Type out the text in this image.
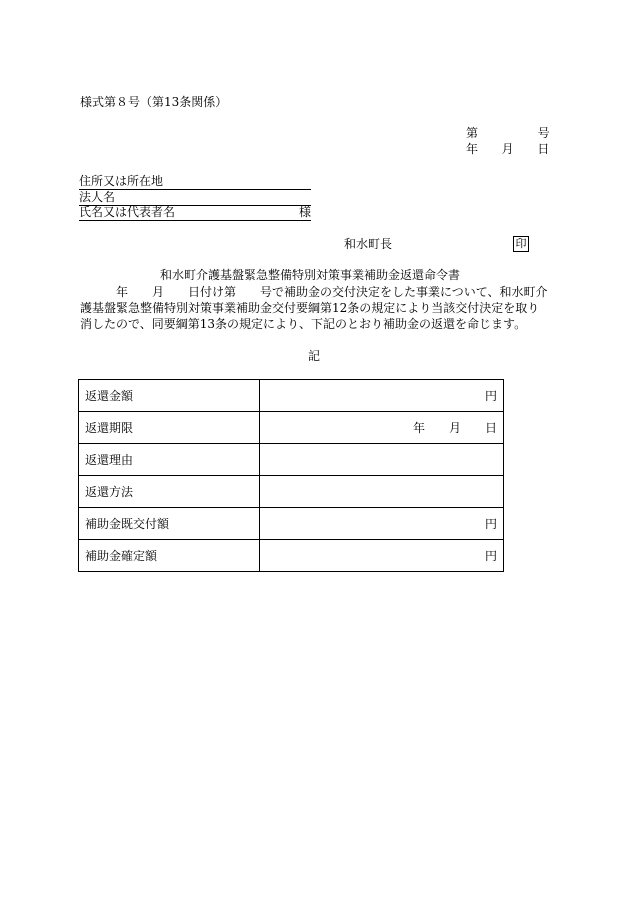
様式第８号（第13条関係）
第	号
年 月 日
住所又は所在地
法人名
氏名又は代表者名	様
和水町長	印
和水町介護基盤緊急整備特別対策事業補助金返還命令書

年　　月　　日付け第　　号で補助金の交付決定をした事業について、和水町介

護基盤緊急整備特別対策事業補助金交付要綱第12条の規定により当該交付決定を取り

消したので、同要綱第13条の規定により、下記のとおり補助金の返還を命じます。

記
返還金額	円
返還期限	年　　月　　日
返還理由	
返還方法	
補助金既交付額	円
補助金確定額	円
